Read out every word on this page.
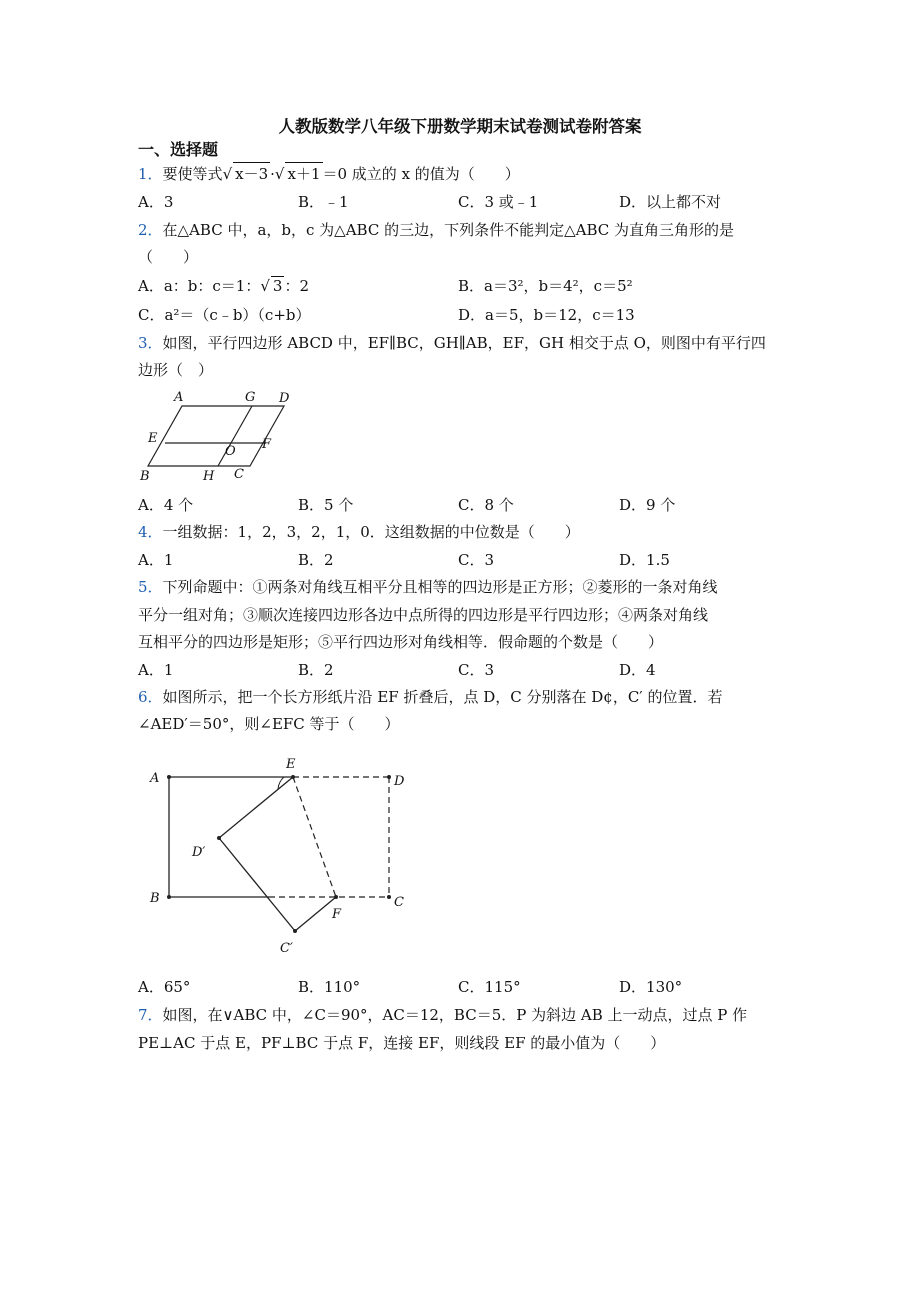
人教版数学八年级下册数学期末试卷测试卷附答案
一、选择题
1．要使等式√ x－3 ·√ x＋1 ＝0 成立的 x 的值为（　　）
A．3	B．﹣1	C．3 或﹣1	D．以上都不对
2．在△ABC 中，a，b，c 为△ABC 的三边，下列条件不能判定△ABC 为直角三角形的是
（　　）
A．a：b：c＝1：√ 3 ：2	B．a＝3²，b＝4²，c＝5²
C．a²＝（c﹣b）（c+b）	D．a＝5，b＝12，c＝13
3．如图，平行四边形 ABCD 中，EF∥BC，GH∥AB，EF，GH 相交于点 O，则图中有平行四
边形（　）
A	G D
E
O F
B	H C
A．4 个	B．5 个	C．8 个	D．9 个
4．一组数据：1，2，3，2，1，0．这组数据的中位数是（　　）
A．1	B．2	C．3	D．1.5
5．下列命题中：①两条对角线互相平分且相等的四边形是正方形；②菱形的一条对角线
平分一组对角；③顺次连接四边形各边中点所得的四边形是平行四边形；④两条对角线
互相平分的四边形是矩形；⑤平行四边形对角线相等．假命题的个数是（　　）
A．1	B．2	C．3	D．4
6．如图所示，把一个长方形纸片沿 EF 折叠后，点 D，C 分别落在 D¢，C′ 的位置．若
∠AED′＝50°，则∠EFC 等于（　　）
A
E
D
D′
B
F
C
C′
A．65°	B．110°	C．115°	D．130°
7．如图，在∨ABC 中，∠C＝90°，AC＝12，BC＝5．P 为斜边 AB 上一动点，过点 P 作
PE⊥AC 于点 E，PF⊥BC 于点 F，连接 EF，则线段 EF 的最小值为（　　）
